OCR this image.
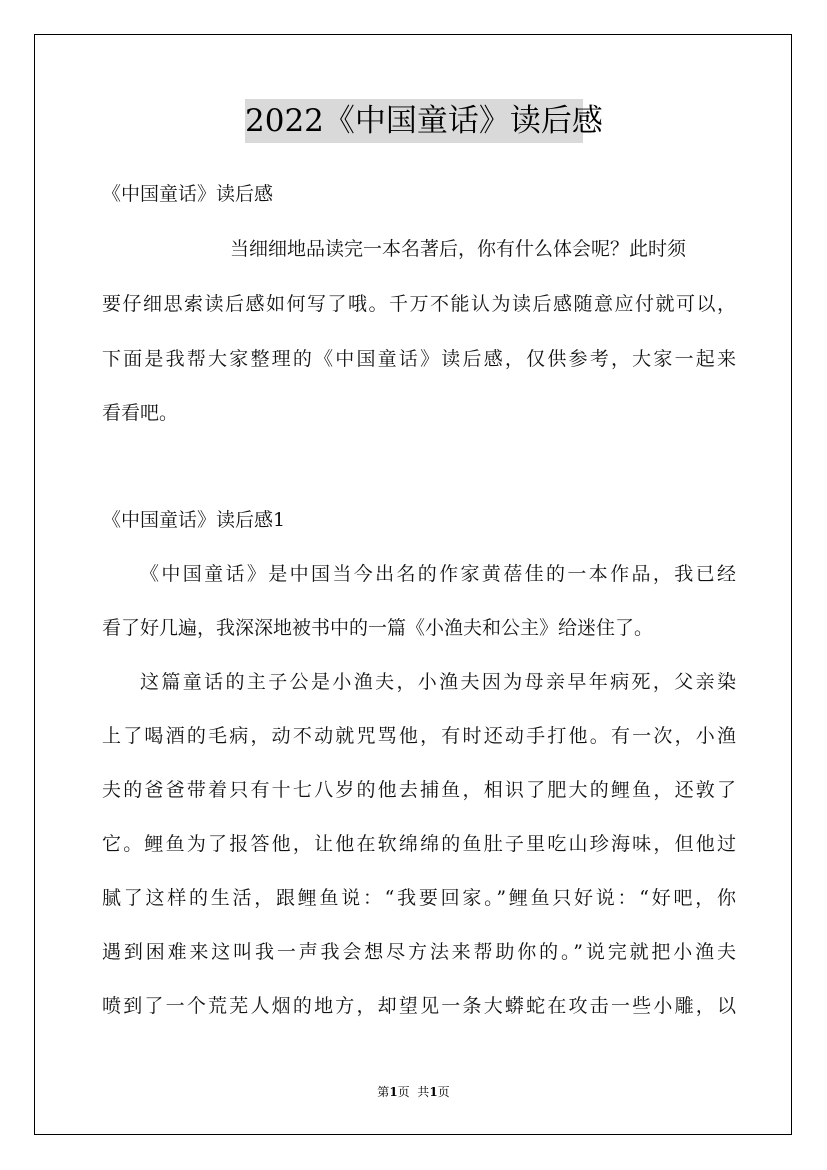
2022《中国童话》读后感
《中国童话》读后感
当细细地品读完一本名著后，你有什么体会呢？此时须
要仔细思索读后感如何写了哦。千万不能认为读后感随意应付就可以，
下面是我帮大家整理的《中国童话》读后感，仅供参考，大家一起来
看看吧。
《中国童话》读后感1
《中国童话》是中国当今出名的作家黄蓓佳的一本作品，我已经
看了好几遍，我深深地被书中的一篇《小渔夫和公主》给迷住了。
这篇童话的主子公是小渔夫，小渔夫因为母亲早年病死，父亲染
上了喝酒的毛病，动不动就咒骂他，有时还动手打他。有一次，小渔
夫的爸爸带着只有十七八岁的他去捕鱼，相识了肥大的鲤鱼，还敦了
它。鲤鱼为了报答他，让他在软绵绵的鱼肚子里吃山珍海味，但他过
腻了这样的生活，跟鲤鱼说：“我要回家。”鲤鱼只好说：“好吧，你
遇到困难来这叫我一声我会想尽方法来帮助你的。”说完就把小渔夫
喷到了一个荒芜人烟的地方，却望见一条大蟒蛇在攻击一些小雕，以
第1页  共1页
